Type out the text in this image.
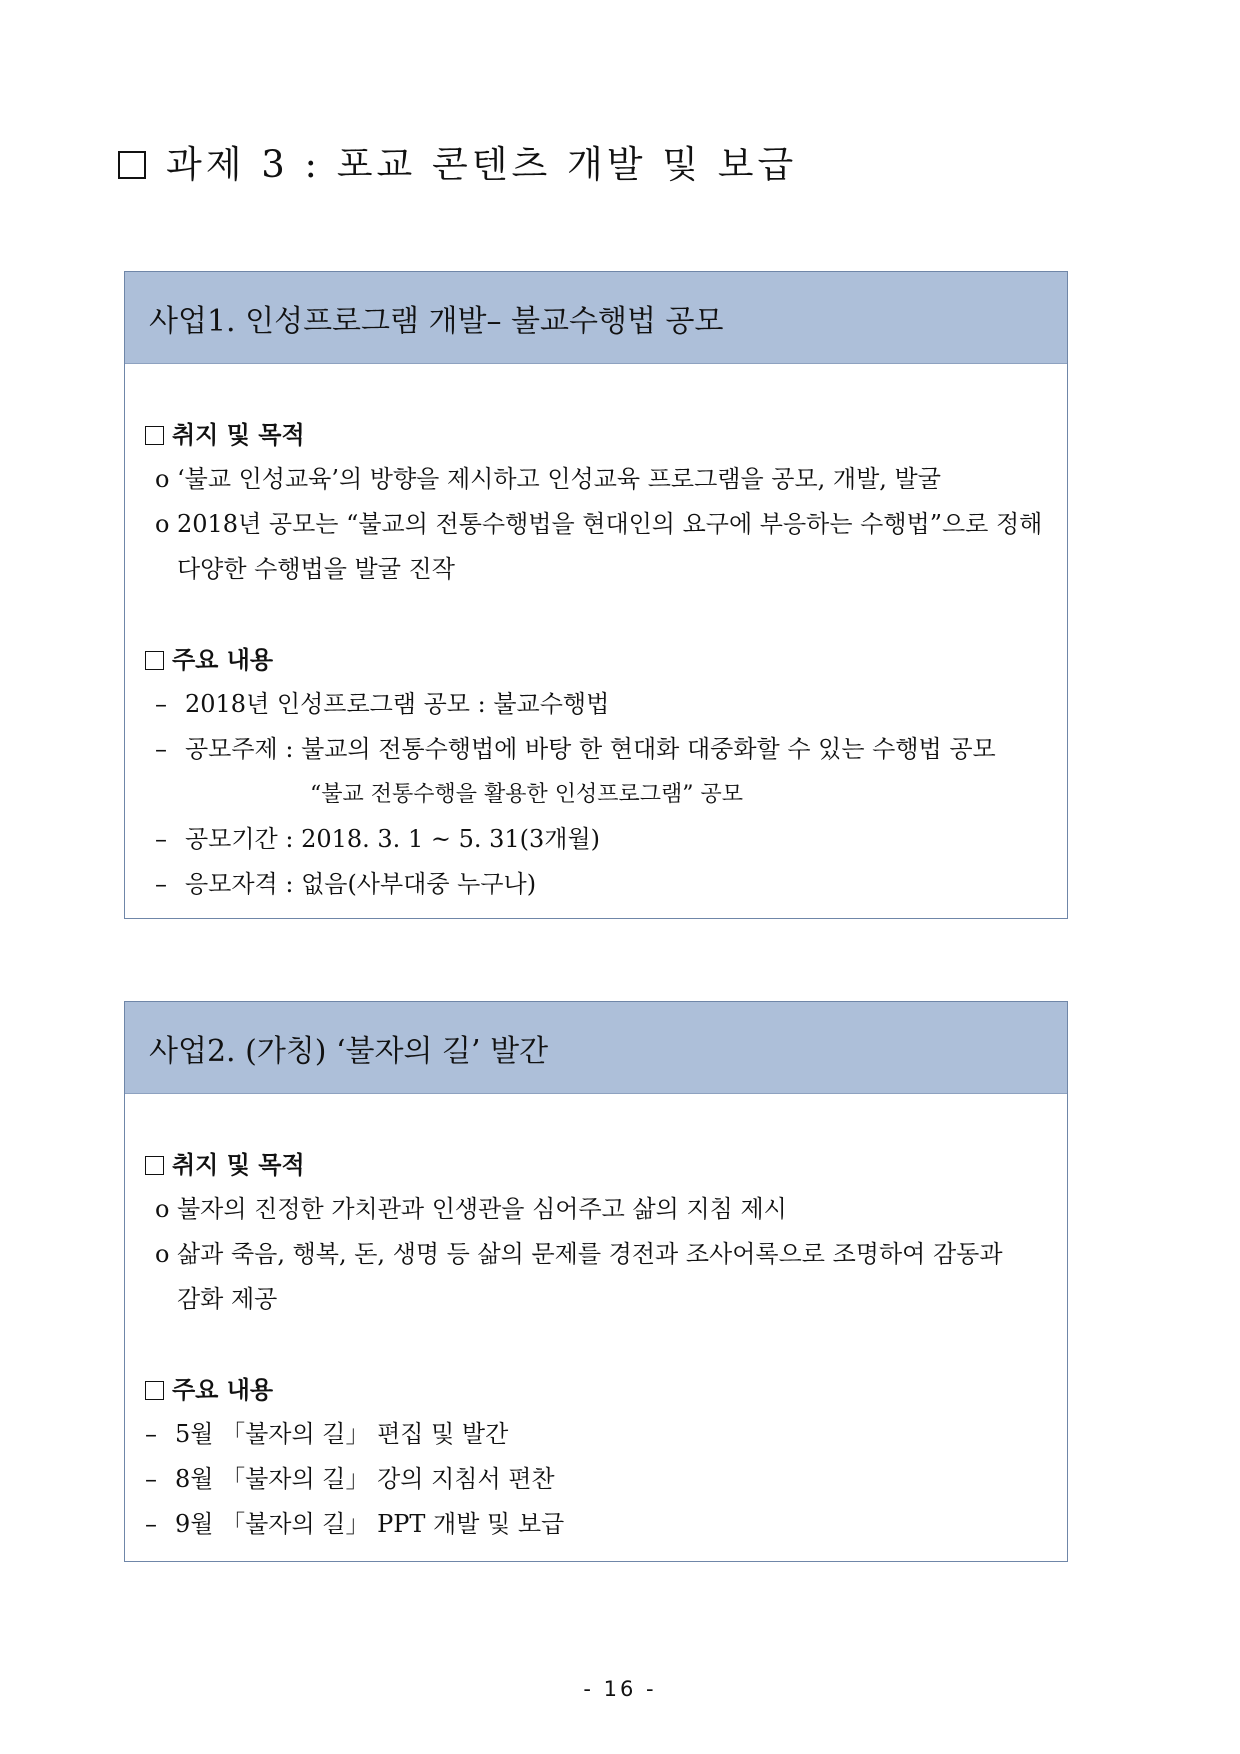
과제 3 : 포교 콘텐츠 개발 및 보급
사업1. 인성프로그램 개발– 불교수행법 공모
취지 및 목적
o ‘불교 인성교육’의 방향을 제시하고 인성교육 프로그램을 공모, 개발, 발굴
o 2018년 공모는 “불교의 전통수행법을 현대인의 요구에 부응하는 수행법”으로 정해
다양한 수행법을 발굴 진작
주요 내용
– 2018년 인성프로그램 공모 : 불교수행법
– 공모주제 : 불교의 전통수행법에 바탕 한 현대화 대중화할 수 있는 수행법 공모
“불교 전통수행을 활용한 인성프로그램” 공모
– 공모기간 : 2018. 3. 1 ~ 5. 31(3개월)
– 응모자격 : 없음(사부대중 누구나)
사업2. (가칭) ‘불자의 길’ 발간
취지 및 목적
o 불자의 진정한 가치관과 인생관을 심어주고 삶의 지침 제시
o 삶과 죽음, 행복, 돈, 생명 등 삶의 문제를 경전과 조사어록으로 조명하여 감동과
감화 제공
주요 내용
– 5월 「불자의 길」 편집 및 발간
– 8월 「불자의 길」 강의 지침서 편찬
– 9월 「불자의 길」 PPT 개발 및 보급
- 16 -
